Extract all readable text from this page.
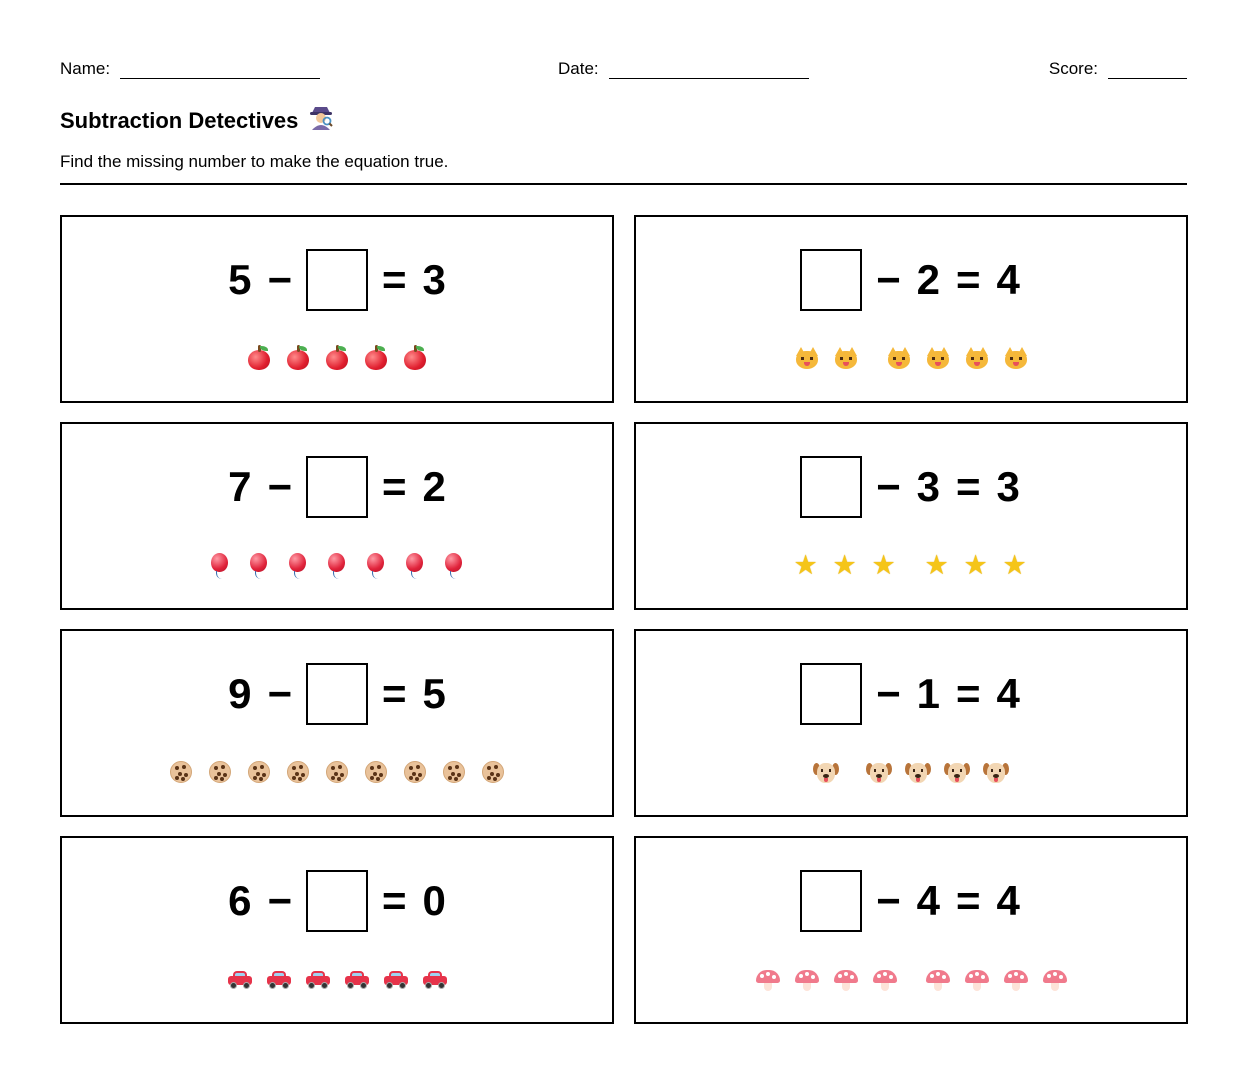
Name:	Date:	Score:
Subtraction Detectives
Find the missing number to make the equation true.
5 − = 3	− 2 = 4
7 − = 2	− 3 = 3
★ ★ ★ ★ ★ ★
9 − = 5	− 1 = 4
6 − = 0	− 4 = 4
